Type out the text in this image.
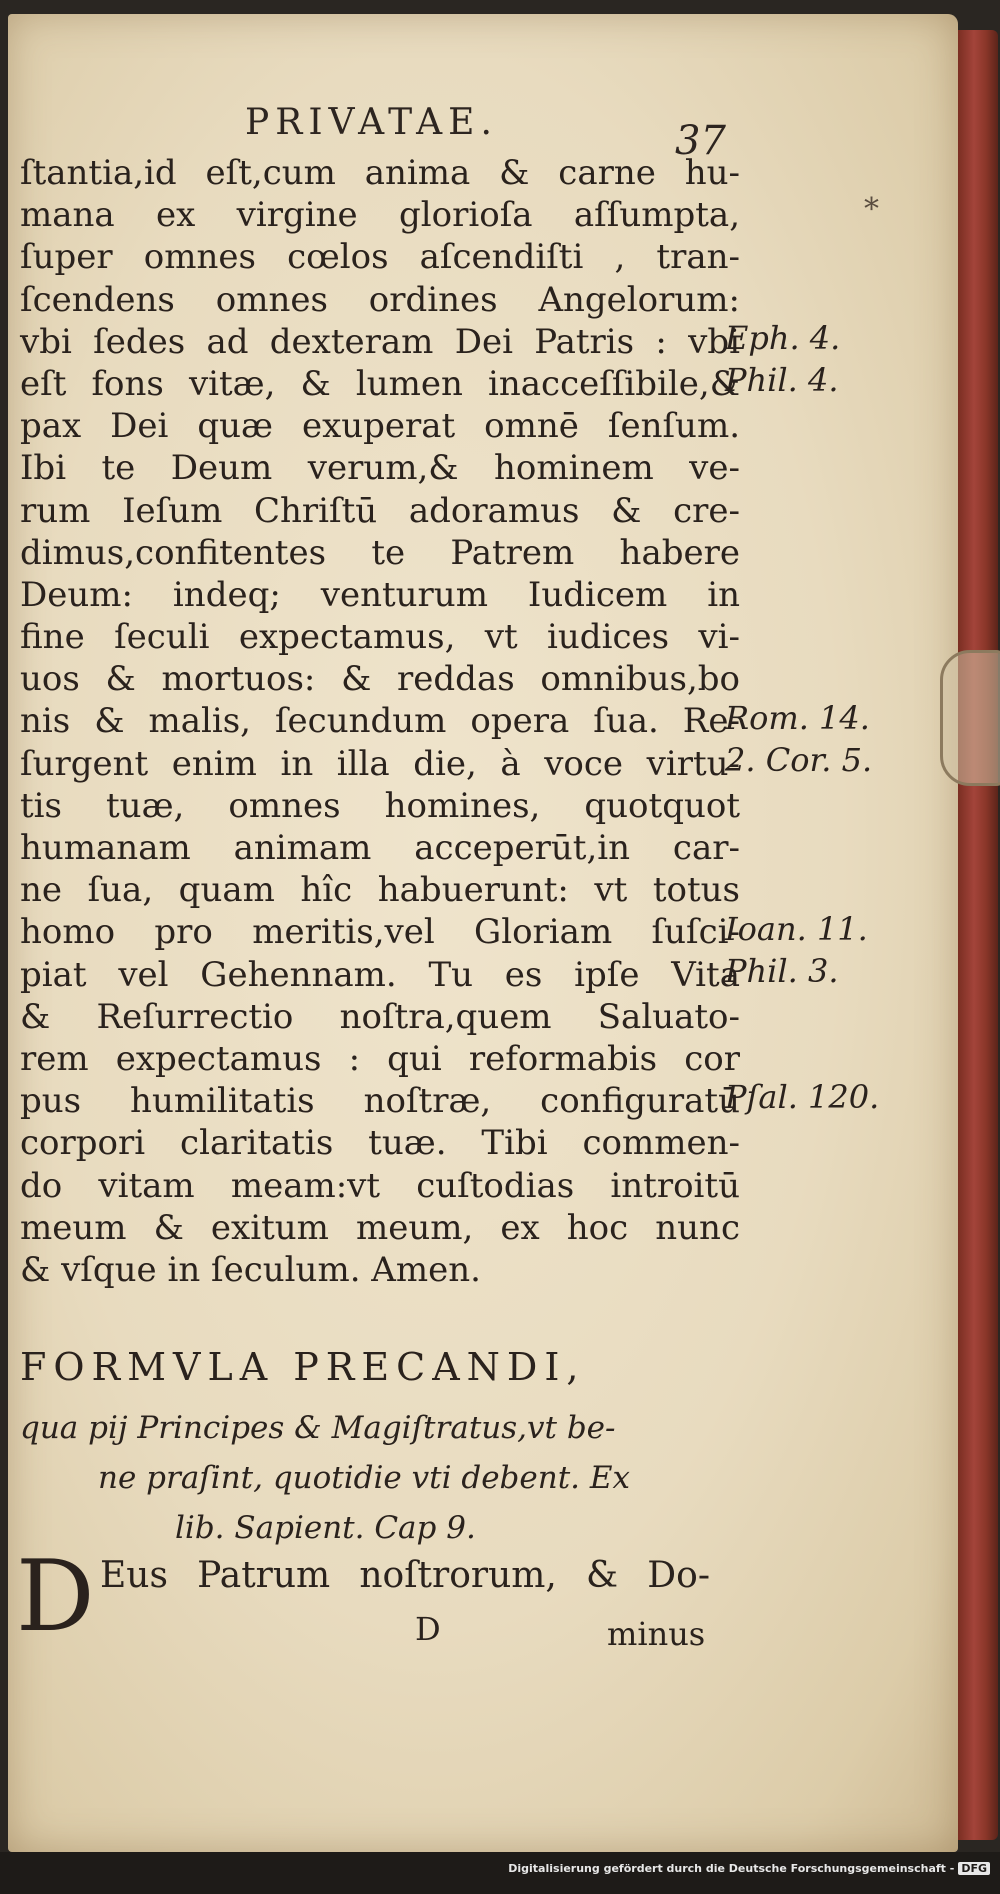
PRIVATAE.	37
*
ſtantia,id eſt,cum anima & carne hu-
mana ex virgine glorioſa aſſumpta,
ſuper omnes cœlos aſcendiſti , tran-
ſcendens omnes ordines Angelorum:
vbi ſedes ad dexteram Dei Patris : vbi
eſt fons vitæ, & lumen inacceſſibile,&
pax Dei quæ exuperat omnē ſenſum.
Ibi te Deum verum,& hominem ve-
rum Ieſum Chriſtū adoramus & cre-
dimus,confitentes te Patrem habere
Deum: indeq; venturum Iudicem in
fine ſeculi expectamus, vt iudices vi-
uos & mortuos: & reddas omnibus,bo
nis & malis, ſecundum opera ſua. Re-
ſurgent enim in illa die, à voce virtu-
tis tuæ, omnes homines, quotquot
humanam animam acceperūt,in car-
ne ſua, quam hîc habuerunt: vt totus
homo pro meritis,vel Gloriam ſuſci-
piat vel Gehennam. Tu es ipſe Vita
& Reſurrectio noſtra,quem Saluato-
rem expectamus : qui reformabis cor
pus humilitatis noſtræ, configuratū
corpori claritatis tuæ. Tibi commen-
do vitam meam:vt cuſtodias introitū
meum & exitum meum, ex hoc nunc
& vſque in ſeculum. Amen.
Eph. 4.
Phil. 4.
Rom. 14.
2. Cor. 5.
Ioan. 11.
Phil. 3.
Pſal. 120.
FORMVLA PRECANDI,
qua pij Principes & Magiſtratus,vt be-
ne praſint, quotidie vti debent. Ex
lib. Sapient. Cap 9.
D Eus Patrum noſtrorum, & Do-
D	minus
Digitalisierung gefördert durch die Deutsche Forschungsgemeinschaft - DFG
